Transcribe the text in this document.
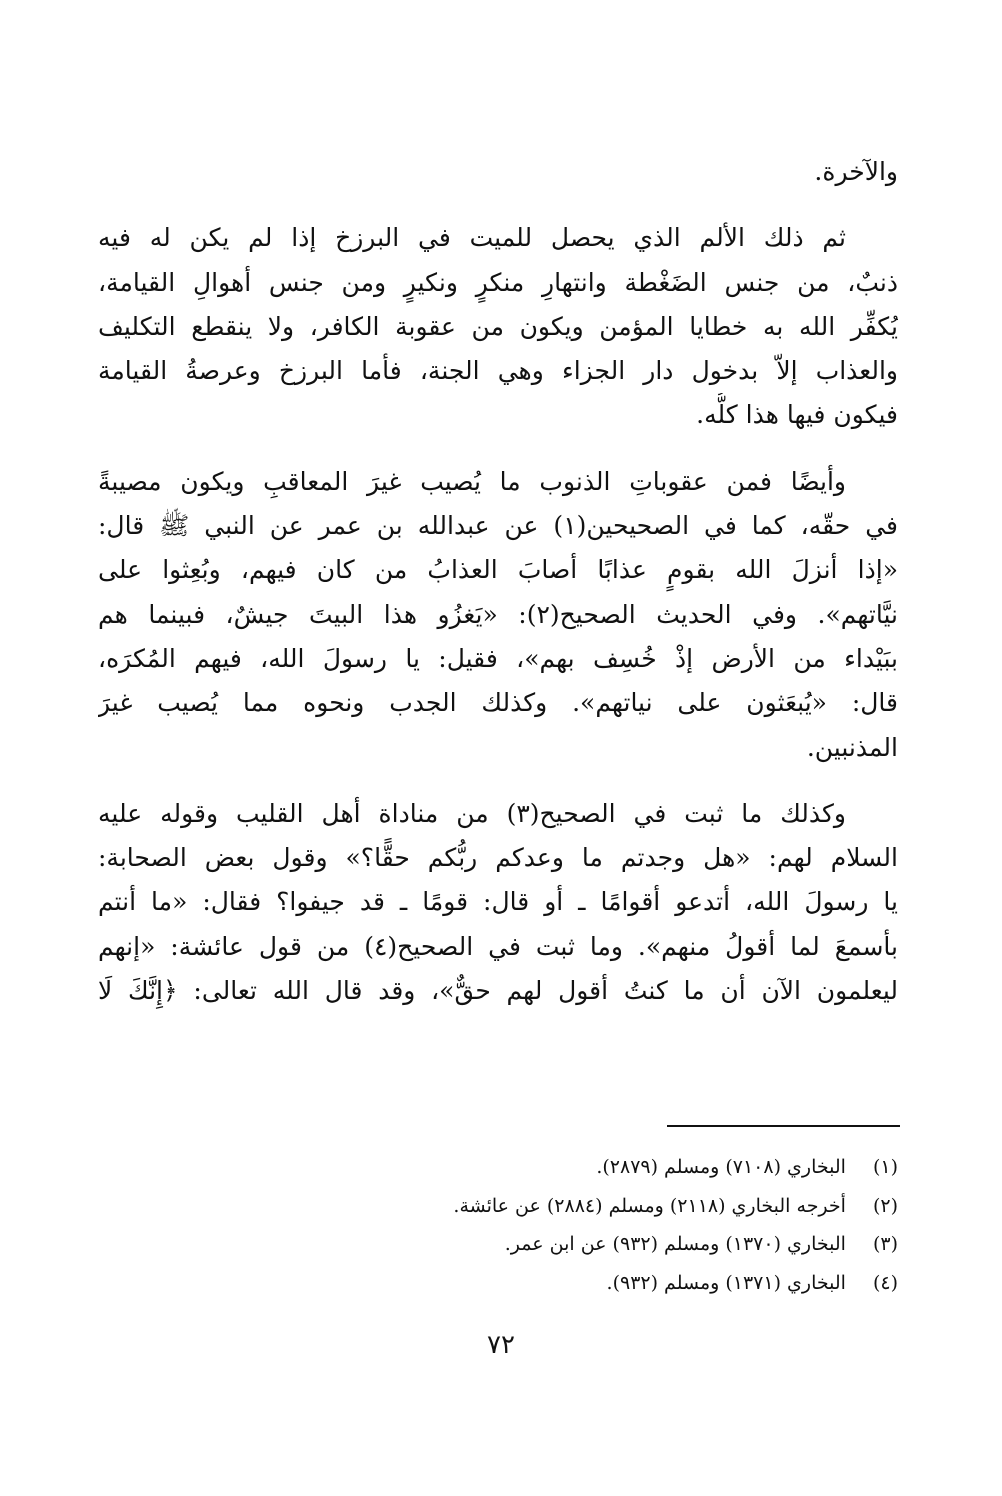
والآخرة.
ثم ذلك الألم الذي يحصل للميت في البرزخ إذا لم يكن له فيه
ذنبٌ، من جنس الضَغْطة وانتهارِ منكرٍ ونكيرٍ ومن جنس أهوالِ القيامة،
يُكفِّر الله به خطايا المؤمن ويكون من عقوبة الكافر، ولا ينقطع التكليف
والعذاب إلاّ بدخول دار الجزاء وهي الجنة، فأما البرزخ وعرصةُ القيامة
فيكون فيها هذا كلُّه.
وأيضًا فمن عقوباتِ الذنوب ما يُصيب غيرَ المعاقبِ ويكون مصيبةً
في حقّه، كما في الصحيحين(١) عن عبدالله بن عمر عن النبي ﷺ قال:
«إذا أنزلَ الله بقومٍ عذابًا أصابَ العذابُ من كان فيهم، وبُعِثوا على
نيَّاتهم». وفي الحديث الصحيح(٢): «يَغزُو هذا البيتَ جيشٌ، فبينما هم
ببَيْداء من الأرض إذْ خُسِف بهم»، فقيل: يا رسولَ الله، فيهم المُكرَه،
قال: «يُبعَثون على نياتهم». وكذلك الجدب ونحوه مما يُصيب غيرَ
المذنبين.
وكذلك ما ثبت في الصحيح(٣) من مناداة أهل القليب وقوله عليه
السلام لهم: «هل وجدتم ما وعدكم ربُّكم حقًّا؟» وقول بعض الصحابة:
يا رسولَ الله، أتدعو أقوامًا ـ أو قال: قومًا ـ قد جيفوا؟ فقال: «ما أنتم
بأسمعَ لما أقولُ منهم». وما ثبت في الصحيح(٤) من قول عائشة: «إنهم
ليعلمون الآن أن ما كنتُ أقول لهم حقٌّ»، وقد قال الله تعالى: ﴿إِنَّكَ لَا
(١) البخاري (٧١٠٨) ومسلم (٢٨٧٩).
(٢) أخرجه البخاري (٢١١٨) ومسلم (٢٨٨٤) عن عائشة.
(٣) البخاري (١٣٧٠) ومسلم (٩٣٢) عن ابن عمر.
(٤) البخاري (١٣٧١) ومسلم (٩٣٢).
٧٢
